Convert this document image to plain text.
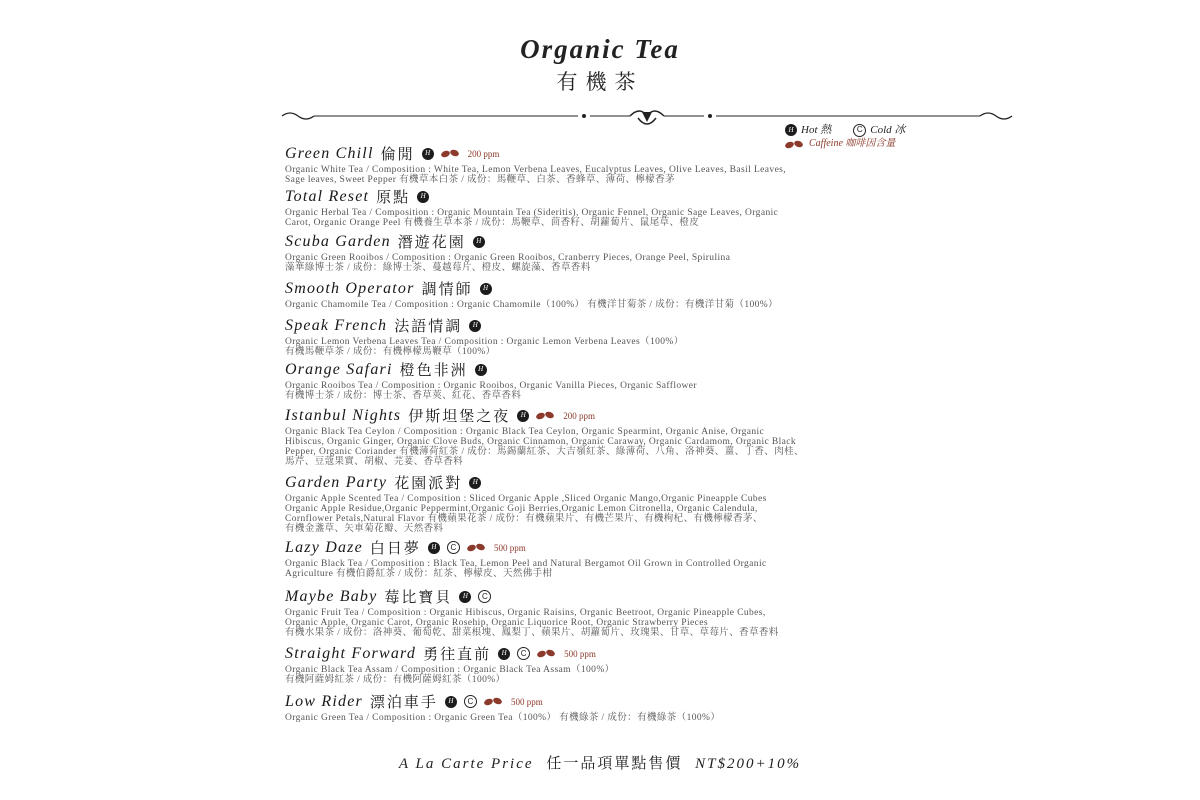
Organic Tea
有機茶
H Hot 熱	C Cold 冰
Caffeine 咖啡因含量
Green Chill 倫閒	H	200 ppm
Organic White Tea / Composition : White Tea, Lemon Verbena Leaves, Eucalyptus Leaves, Olive Leaves, Basil Leaves,
Sage leaves, Sweet Pepper 有機草本白茶 / 成份：馬鞭草、白茶、香蜂草、薄荷、檸檬香茅
Total Reset 原點	H
Organic Herbal Tea / Composition : Organic Mountain Tea (Sideritis), Organic Fennel, Organic Sage Leaves, Organic
Carot, Organic Orange Peel 有機養生草本茶 / 成份：馬鞭草、茴香籽、胡蘿蔔片、鼠尾草、橙皮
Scuba Garden 潛遊花園	H
Organic Green Rooibos / Composition : Organic Green Rooibos, Cranberry Pieces, Orange Peel, Spirulina
藻華綠博士茶 / 成份：綠博士茶、蔓越莓片、橙皮、螺旋藻、香草香料
Smooth Operator 調情師	H
Organic Chamomile Tea / Composition : Organic Chamomile（100%） 有機洋甘菊茶 / 成份：有機洋甘菊（100%）
Speak French 法語情調	H
Organic Lemon Verbena Leaves Tea / Composition : Organic Lemon Verbena Leaves（100%）
有機馬鞭草茶 / 成份：有機檸檬馬鞭草（100%）
Orange Safari 橙色非洲	H
Organic Rooibos Tea / Composition : Organic Rooibos, Organic Vanilla Pieces, Organic Safflower
有機博士茶 / 成份：博士茶、香草莢、紅花、香草香料
Istanbul Nights 伊斯坦堡之夜	H	200 ppm
Organic Black Tea Ceylon / Composition : Organic Black Tea Ceylon, Organic Spearmint, Organic Anise, Organic
Hibiscus, Organic Ginger, Organic Clove Buds, Organic Cinnamon, Organic Caraway, Organic Cardamom, Organic Black
Pepper, Organic Coriander 有機薄荷紅茶 / 成份：馬錫蘭紅茶、大吉嶺紅茶、綠薄荷、八角、洛神葵、薑、丁香、肉桂、
馬芹、豆蔻果實、胡椒、芫荽、香草香料
Garden Party 花園派對	H
Organic Apple Scented Tea / Composition : Sliced Organic Apple ,Sliced Organic Mango,Organic Pineapple Cubes
Organic Apple Residue,Organic Peppermint,Organic Goji Berries,Organic Lemon Citronella, Organic Calendula,
Cornflower Petals,Natural Flavor 有機蘋果花茶 / 成份：有機蘋果片、有機芒果片、有機枸杞、有機檸檬香茅、
有機金盞草、矢車菊花瓣、天然香料
Lazy Daze 白日夢	H	C	500 ppm
Organic Black Tea / Composition : Black Tea, Lemon Peel and Natural Bergamot Oil Grown in Controlled Organic
Agriculture 有機伯爵紅茶 / 成份：紅茶、檸檬皮、天然佛手柑
Maybe Baby 莓比寶貝	H	C
Organic Fruit Tea / Composition : Organic Hibiscus, Organic Raisins, Organic Beetroot, Organic Pineapple Cubes,
Organic Apple, Organic Carot, Organic Rosehip, Organic Liquorice Root, Organic Strawberry Pieces
有機水果茶 / 成份：洛神葵、葡萄乾、甜菜根塊、鳳梨丁、蘋果片、胡蘿蔔片、玫瑰果、甘草、草莓片、香草香料
Straight Forward 勇往直前	H	C	500 ppm
Organic Black Tea Assam / Composition : Organic Black Tea Assam（100%）
有機阿薩姆紅茶 / 成份：有機阿薩姆紅茶（100%）
Low Rider 漂泊車手	H	C	500 ppm
Organic Green Tea / Composition : Organic Green Tea（100%） 有機綠茶 / 成份：有機綠茶（100%）
A La Carte Price 任一品項單點售價 NT$200+10%
